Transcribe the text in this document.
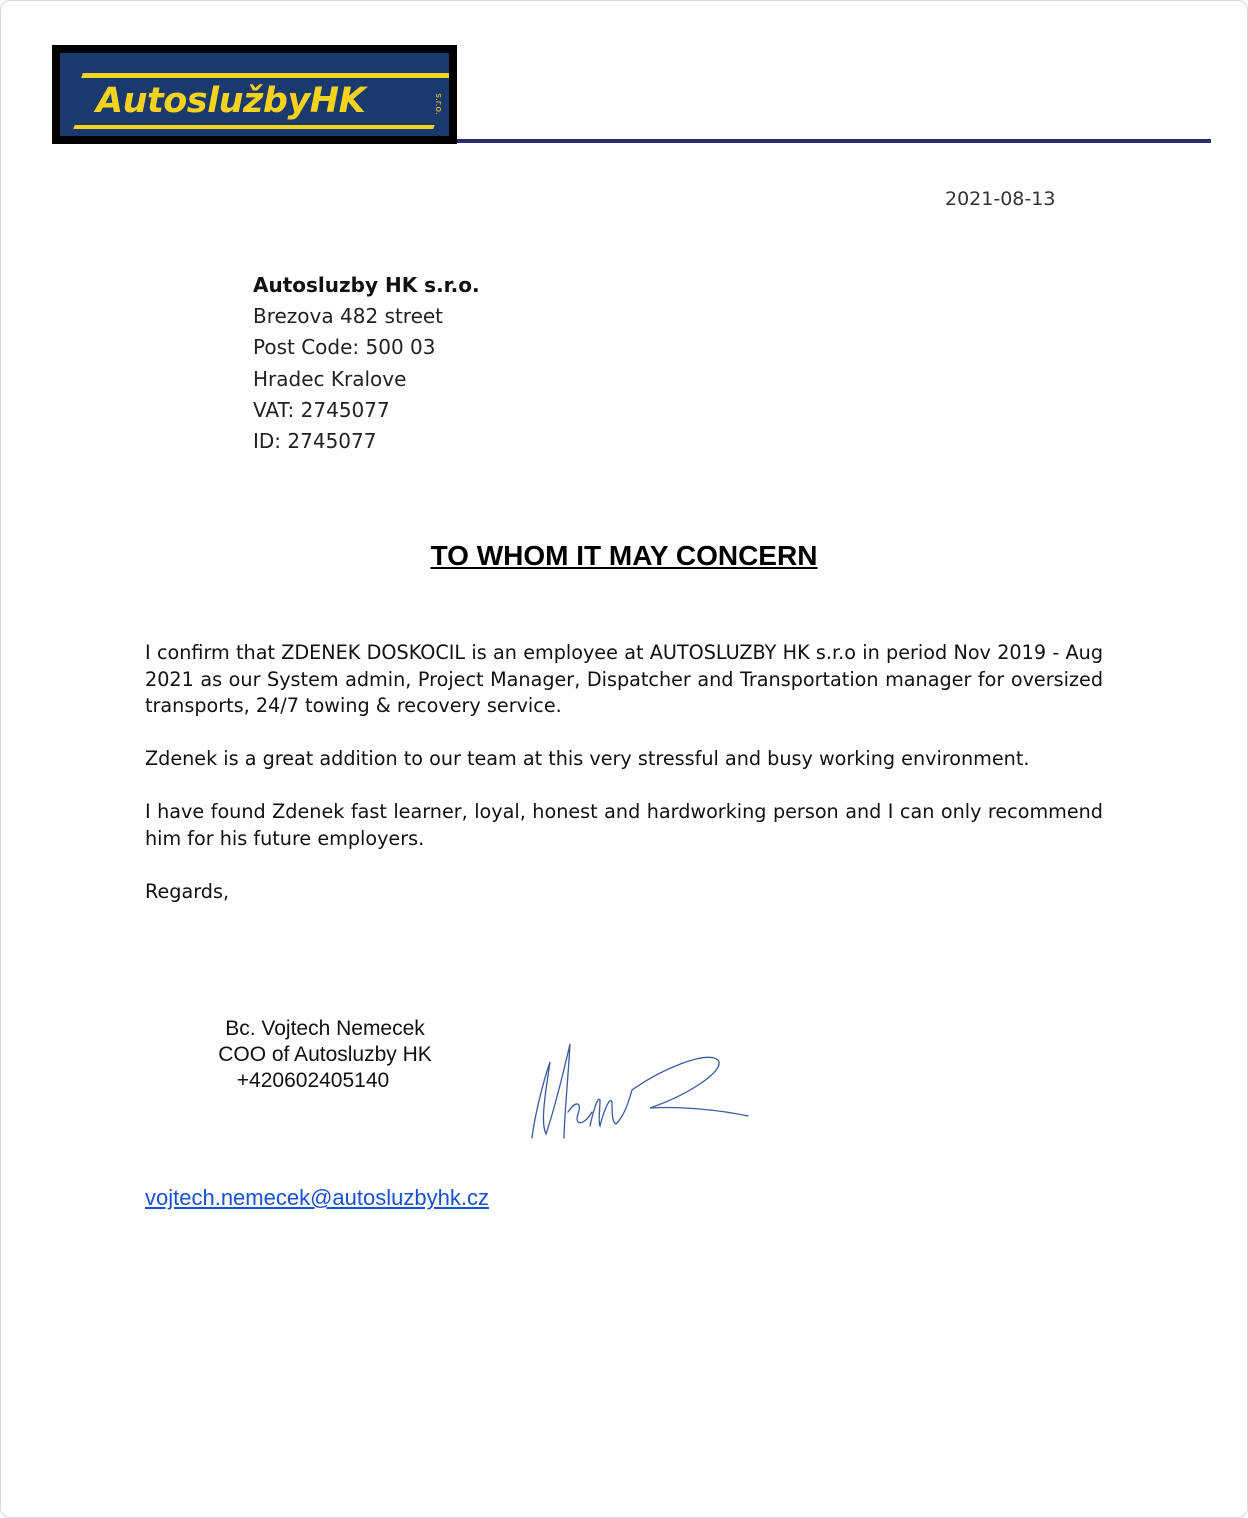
AutoslužbyHK	s.r.o.
2021-08-13
Autosluzby HK s.r.o.
Brezova 482 street
Post Code: 500 03
Hradec Kralove
VAT: 2745077
ID: 2745077
TO WHOM IT MAY CONCERN

I confirm that ZDENEK DOSKOCIL is an employee at AUTOSLUZBY HK s.r.o in period Nov 2019 - Aug 2021 as our System admin, Project Manager, Dispatcher and Transportation manager for oversized transports, 24/7 towing & recovery service.

Zdenek is a great addition to our team at this very stressful and busy working environment.

I have found Zdenek fast learner, loyal, honest and hardworking person and I can only recommend him for his future employers.

Regards,

Bc. Vojtech Nemecek
COO of Autosluzby HK
+420602405140
vojtech.nemecek@autosluzbyhk.cz
